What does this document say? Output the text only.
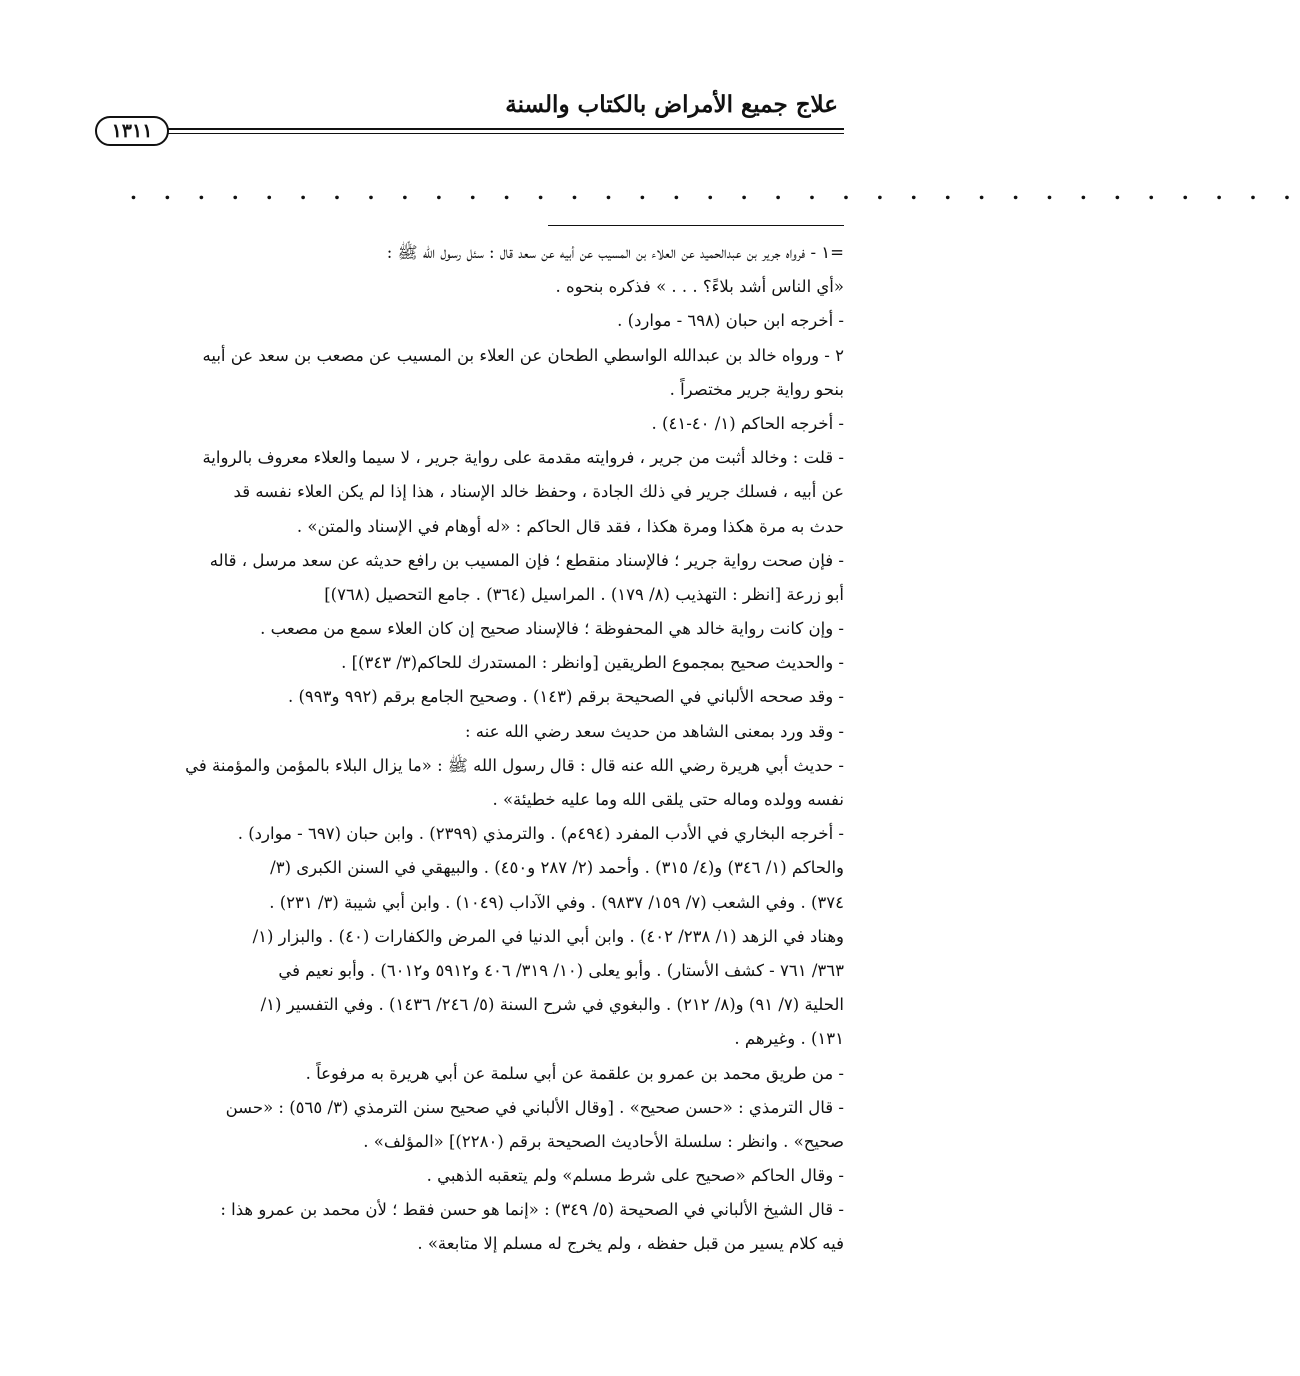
علاج جميع الأمراض بالكتاب والسنة
١٣١١
. . . . . . . . . . . . . . . . . . . . . . . . . . . . . . . . . . .
=١ - فرواه جرير بن عبدالحميد عن العلاء بن المسيب عن أبيه عن سعد قال : سئل رسول الله ﷺ :
«أي الناس أشد بلاءً؟ . . . » فذكره بنحوه .
- أخرجه ابن حبان (٦٩٨ - موارد) .
٢ - ورواه خالد بن عبدالله الواسطي الطحان عن العلاء بن المسيب عن مصعب بن سعد عن أبيه
بنحو رواية جرير مختصراً .
- أخرجه الحاكم (١/ ٤٠-٤١) .
- قلت : وخالد أثبت من جرير ، فروايته مقدمة على رواية جرير ، لا سيما والعلاء معروف بالرواية
عن أبيه ، فسلك جرير في ذلك الجادة ، وحفظ خالد الإسناد ، هذا إذا لم يكن العلاء نفسه قد
حدث به مرة هكذا ومرة هكذا ، فقد قال الحاكم : «له أوهام في الإسناد والمتن» .
- فإن صحت رواية جرير ؛ فالإسناد منقطع ؛ فإن المسيب بن رافع حديثه عن سعد مرسل ، قاله
أبو زرعة [انظر : التهذيب (٨/ ١٧٩) . المراسيل (٣٦٤) . جامع التحصيل (٧٦٨)]
- وإن كانت رواية خالد هي المحفوظة ؛ فالإسناد صحيح إن كان العلاء سمع من مصعب .
- والحديث صحيح بمجموع الطريقين [وانظر : المستدرك للحاكم(٣/ ٣٤٣)] .
- وقد صححه الألباني في الصحيحة برقم (١٤٣) . وصحيح الجامع برقم (٩٩٢ و٩٩٣) .
- وقد ورد بمعنى الشاهد من حديث سعد رضي الله عنه :
- حديث أبي هريرة رضي الله عنه قال : قال رسول الله ﷺ : «ما يزال البلاء بالمؤمن والمؤمنة في
نفسه وولده وماله حتى يلقى الله وما عليه خطيئة» .
- أخرجه البخاري في الأدب المفرد (٤٩٤م) . والترمذي (٢٣٩٩) . وابن حبان (٦٩٧ - موارد) .
والحاكم (١/ ٣٤٦) و(٤/ ٣١٥) . وأحمد (٢/ ٢٨٧ و٤٥٠) . والبيهقي في السنن الكبرى (٣/
٣٧٤) . وفي الشعب (٧/ ١٥٩/ ٩٨٣٧) . وفي الآداب (١٠٤٩) . وابن أبي شيبة (٣/ ٢٣١) .
وهناد في الزهد (١/ ٢٣٨/ ٤٠٢) . وابن أبي الدنيا في المرض والكفارات (٤٠) . والبزار (١/
٣٦٣/ ٧٦١ - كشف الأستار) . وأبو يعلى (١٠/ ٣١٩/ ٤٠٦ و٥٩١٢ و٦٠١٢) . وأبو نعيم في
الحلية (٧/ ٩١) و(٨/ ٢١٢) . والبغوي في شرح السنة (٥/ ٢٤٦/ ١٤٣٦) . وفي التفسير (١/
١٣١) . وغيرهم .
- من طريق محمد بن عمرو بن علقمة عن أبي سلمة عن أبي هريرة به مرفوعاً .
- قال الترمذي : «حسن صحيح» . [وقال الألباني في صحيح سنن الترمذي (٣/ ٥٦٥) : «حسن
صحيح» . وانظر : سلسلة الأحاديث الصحيحة برقم (٢٢٨٠)] «المؤلف» .
- وقال الحاكم «صحيح على شرط مسلم» ولم يتعقبه الذهبي .
- قال الشيخ الألباني في الصحيحة (٥/ ٣٤٩) : «إنما هو حسن فقط ؛ لأن محمد بن عمرو هذا :
فيه كلام يسير من قبل حفظه ، ولم يخرج له مسلم إلا متابعة» .
